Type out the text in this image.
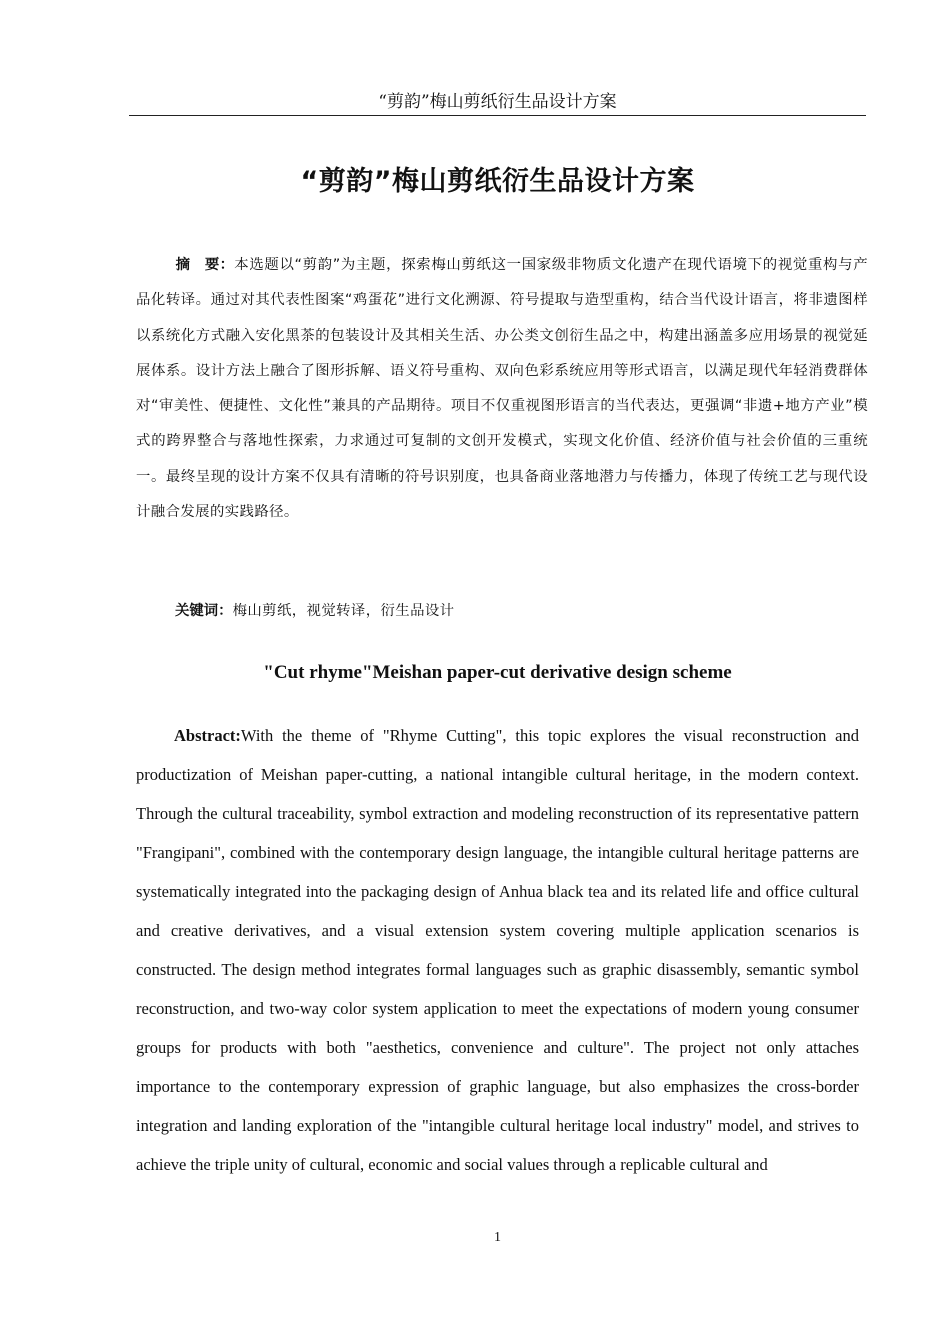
“剪韵”梅山剪纸衍生品设计方案
“剪韵”梅山剪纸衍生品设计方案

摘　要：本选题以“剪韵”为主题，探索梅山剪纸这一国家级非物质文化遗产在现代语境下的视觉重构与产品化转译。通过对其代表性图案“鸡蛋花”进行文化溯源、符号提取与造型重构，结合当代设计语言，将非遗图样以系统化方式融入安化黑茶的包装设计及其相关生活、办公类文创衍生品之中，构建出涵盖多应用场景的视觉延展体系。设计方法上融合了图形拆解、语义符号重构、双向色彩系统应用等形式语言，以满足现代年轻消费群体对“审美性、便捷性、文化性”兼具的产品期待。项目不仅重视图形语言的当代表达，更强调“非遗+地方产业”模式的跨界整合与落地性探索，力求通过可复制的文创开发模式，实现文化价值、经济价值与社会价值的三重统一。最终呈现的设计方案不仅具有清晰的符号识别度，也具备商业落地潜力与传播力，体现了传统工艺与现代设计融合发展的实践路径。

关键词：梅山剪纸，视觉转译，衍生品设计
"Cut rhyme"Meishan paper-cut derivative design scheme

Abstract:With the theme of "Rhyme Cutting", this topic explores the visual reconstruction and productization of Meishan paper-cutting, a national intangible cultural heritage, in the modern context. Through the cultural traceability, symbol extraction and modeling reconstruction of its representative pattern "Frangipani", combined with the contemporary design language, the intangible cultural heritage patterns are systematically integrated into the packaging design of Anhua black tea and its related life and office cultural and creative derivatives, and a visual extension system covering multiple application scenarios is constructed. The design method integrates formal languages such as graphic disassembly, semantic symbol reconstruction, and two-way color system application to meet the expectations of modern young consumer groups for products with both "aesthetics, convenience and culture". The project not only attaches importance to the contemporary expression of graphic language, but also emphasizes the cross-border integration and landing exploration of the "intangible cultural heritage local industry" model, and strives to achieve the triple unity of cultural, economic and social values through a replicable cultural and

1
